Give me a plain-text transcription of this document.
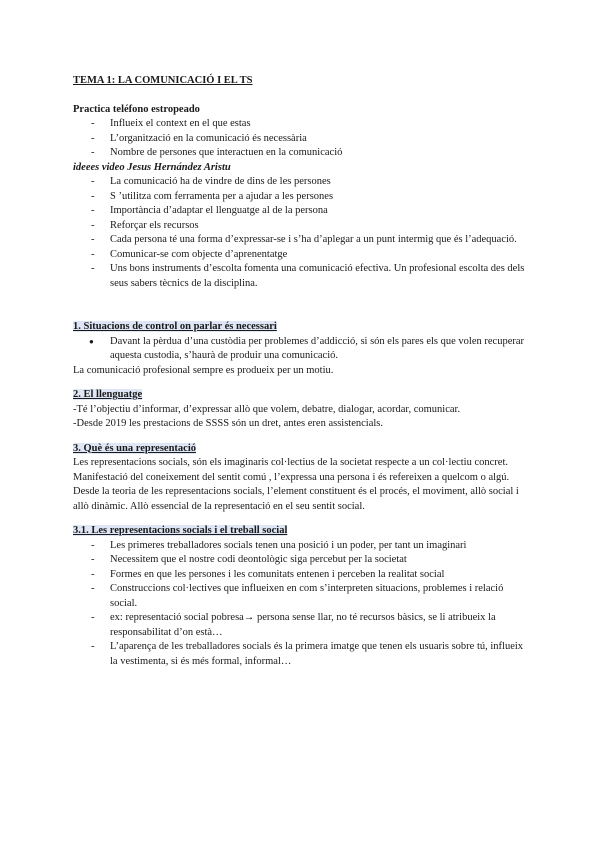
TEMA 1: LA COMUNICACIÓ I EL TS

Practica teléfono estropeado

- Influeix el context en el que estas
- L’organització en la comunicació és necessària
- Nombre de persones que interactuen en la comunicació

ideees video Jesus Hernández Aristu

- La comunicació ha de vindre de dins de les persones
- S ’utilitza com ferramenta per a ajudar a les persones
- Importància d’adaptar el llenguatge al de la persona
- Reforçar els recursos
- Cada persona té una forma d’expressar-se i s’ha d’aplegar a un punt intermig que és l’adequació.
- Comunicar-se com objecte d’aprenentatge
- Uns bons instruments d’escolta fomenta una comunicació efectiva. Un profesional escolta des dels seus sabers tècnics de la disciplina.

1. Situacions de control on parlar és necessari

● Davant la pèrdua d’una custòdia per problemes d’addicció, si són els pares els que volen recuperar aquesta custodia, s’haurà de produir una comunicació.

La comunicació profesional sempre es produeix per un motiu.

2. El llenguatge

-Té l’objectiu d’informar, d’expressar allò que volem, debatre, dialogar, acordar, comunicar.

-Desde 2019 les prestacions de SSSS són un dret, antes eren assistencials.

3. Què és una representació

Les representacions socials, són els imaginaris col·lectius de la societat respecte a un col·lectiu concret. Manifestació del coneixement del sentit comú , l’expressa una persona i és refereixen a quelcom o algú. Desde la teoria de les representacions socials, l’element constituent és el procés, el moviment, allò social i allò dinàmic. Allò essencial de la representació en el seu sentit social.

3.1. Les representacions socials i el treball social

- Les primeres treballadores socials tenen una posició i un poder, per tant un imaginari
- Necessitem que el nostre codi deontològic siga percebut per la societat
- Formes en que les persones i les comunitats entenen i perceben la realitat social
- Construccions col·lectives que influeixen en com s’interpreten situacions, problemes i relació social.
- ex: representació social pobresa→ persona sense llar, no té recursos bàsics, se li atribueix la responsabilitat d’on està…
- L’aparença de les treballadores socials és la primera imatge que tenen els usuaris sobre tú, influeix la vestimenta, si és més formal, informal…
